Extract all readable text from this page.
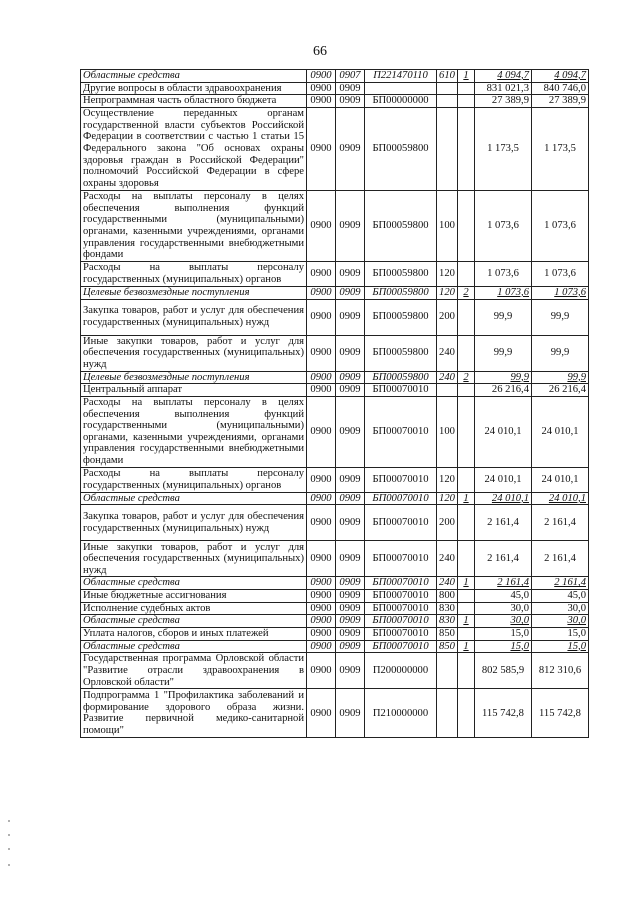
66
Областные средства	0900	0907	П221470110	610	1	4 094,7	4 094,7
Другие вопросы в области здравоохранения	0900	0909				831 021,3	840 746,0
Непрограммная часть областного бюджета	0900	0909	БП00000000			27 389,9	27 389,9
Осуществление переданных органам государственной власти субъектов Российской Федерации в соответствии с частью 1 статьи 15 Федерального закона "Об основах охраны здоровья граждан в Российской Федерации" полномочий Российской Федерации в сфере охраны здоровья	0900	0909	БП00059800			1 173,5	1 173,5
Расходы на выплаты персоналу в целях обеспечения выполнения функций государственными (муниципальными) органами, казенными учреждениями, органами управления государственными внебюджетными фондами	0900	0909	БП00059800	100		1 073,6	1 073,6
Расходы на выплаты персоналу государственных (муниципальных) органов	0900	0909	БП00059800	120		1 073,6	1 073,6
Целевые безвозмездные поступления	0900	0909	БП00059800	120	2	1 073,6	1 073,6
Закупка товаров, работ и услуг для обеспечения государственных (муниципальных) нужд	0900	0909	БП00059800	200		99,9	99,9
Иные закупки товаров, работ и услуг для обеспечения государственных (муниципальных) нужд	0900	0909	БП00059800	240		99,9	99,9
Целевые безвозмездные поступления	0900	0909	БП00059800	240	2	99,9	99,9
Центральный аппарат	0900	0909	БП00070010			26 216,4	26 216,4
Расходы на выплаты персоналу в целях обеспечения выполнения функций государственными (муниципальными) органами, казенными учреждениями, органами управления государственными внебюджетными фондами	0900	0909	БП00070010	100		24 010,1	24 010,1
Расходы на выплаты персоналу государственных (муниципальных) органов	0900	0909	БП00070010	120		24 010,1	24 010,1
Областные средства	0900	0909	БП00070010	120	1	24 010,1	24 010,1
Закупка товаров, работ и услуг для обеспечения государственных (муниципальных) нужд	0900	0909	БП00070010	200		2 161,4	2 161,4
Иные закупки товаров, работ и услуг для обеспечения государственных (муниципальных) нужд	0900	0909	БП00070010	240		2 161,4	2 161,4
Областные средства	0900	0909	БП00070010	240	1	2 161,4	2 161,4
Иные бюджетные ассигнования	0900	0909	БП00070010	800		45,0	45,0
Исполнение судебных актов	0900	0909	БП00070010	830		30,0	30,0
Областные средства	0900	0909	БП00070010	830	1	30,0	30,0
Уплата налогов, сборов и иных платежей	0900	0909	БП00070010	850		15,0	15,0
Областные средства	0900	0909	БП00070010	850	1	15,0	15,0
Государственная программа Орловской области "Развитие отрасли здравоохранения в Орловской области"	0900	0909	П200000000			802 585,9	812 310,6
Подпрограмма 1 "Профилактика заболеваний и формирование здорового образа жизни. Развитие первичной медико-санитарной помощи"	0900	0909	П210000000			115 742,8	115 742,8
